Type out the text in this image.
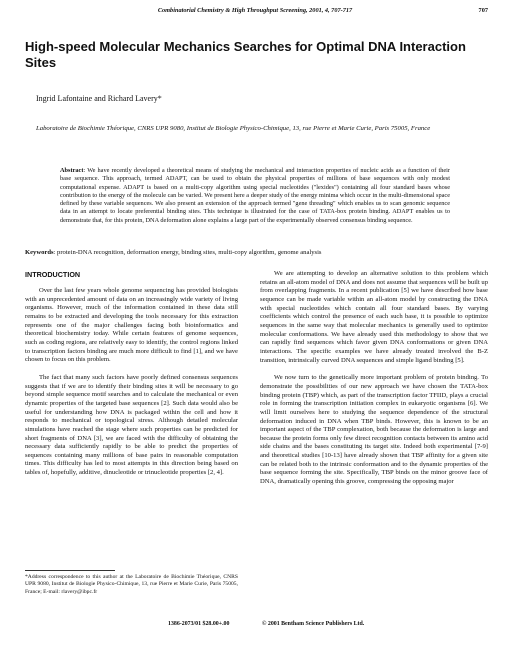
Combinatorial Chemistry & High Throughput Screening, 2001, 4, 707-717	707
High-speed Molecular Mechanics Searches for Optimal DNA Interaction Sites
Ingrid Lafontaine and Richard Lavery*
Laboratoire de Biochimie Théorique, CNRS UPR 9080, Institut de Biologie Physico-Chimique, 13, rue Pierre et Marie Curie, Paris 75005, France
Abstract: We have recently developed a theoretical means of studying the mechanical and interaction properties of nucleic acids as a function of their base sequence. This approach, termed ADAPT, can be used to obtain the physical properties of millions of base sequences with only modest computational expense. ADAPT is based on a multi-copy algorithm using special nucleotides ("lexides") containing all four standard bases whose contribution to the energy of the molecule can be varied. We present here a deeper study of the energy minima which occur in the multi-dimensional space defined by these variable sequences. We also present an extension of the approach termed "gene threading" which enables us to scan genomic sequence data in an attempt to locate preferential binding sites. This technique is illustrated for the case of TATA-box protein binding. ADAPT enables us to demonstrate that, for this protein, DNA deformation alone explains a large part of the experimentally observed consensus binding sequence.
Keywords: protein-DNA recognition, deformation energy, binding sites, multi-copy algorithm, genome analysis
INTRODUCTION

Over the last few years whole genome sequencing has provided biologists with an unprecedented amount of data on an increasingly wide variety of living organisms. However, much of the information contained in these data still remains to be extracted and developing the tools necessary for this extraction represents one of the major challenges facing both bioinformatics and theoretical biochemistry today. While certain features of genome sequences, such as coding regions, are relatively easy to identify, the control regions linked to transcription factors binding are much more difficult to find [1], and we have chosen to focus on this problem.

The fact that many such factors have poorly defined consensus sequences suggests that if we are to identify their binding sites it will be necessary to go beyond simple sequence motif searches and to calculate the mechanical or even dynamic properties of the targeted base sequences [2]. Such data would also be useful for understanding how DNA is packaged within the cell and how it responds to mechanical or topological stress. Although detailed molecular simulations have reached the stage where such properties can be predicted for short fragments of DNA [3], we are faced with the difficulty of obtaining the necessary data sufficiently rapidly to be able to predict the properties of sequences containing many millions of base pairs in reasonable computation times. This difficulty has led to most attempts in this direction being based on tables of, hopefully, additive, dinucleotide or trinucleotide properties [2, 4].

We are attempting to develop an alternative solution to this problem which retains an all-atom model of DNA and does not assume that sequences will be built up from overlapping fragments. In a recent publication [5] we have described how base sequence can be made variable within an all-atom model by constructing the DNA with special nucleotides which contain all four standard bases. By varying coefficients which control the presence of each such base, it is possible to optimize sequences in the same way that molecular mechanics is generally used to optimize molecular conformations. We have already used this methodology to show that we can rapidly find sequences which favor given DNA conformations or given DNA interactions. The specific examples we have already treated involved the B-Z transition, intrinsically curved DNA sequences and simple ligand binding [5].

We now turn to the genetically more important problem of protein binding. To demonstrate the possibilities of our new approach we have chosen the TATA-box binding protein (TBP) which, as part of the transcription factor TFIID, plays a crucial role in forming the transcription initiation complex in eukaryotic organisms [6]. We will limit ourselves here to studying the sequence dependence of the structural deformation induced in DNA when TBP binds. However, this is known to be an important aspect of the TBP complexation, both because the deformation is large and because the protein forms only few direct recognition contacts between its amino acid side chains and the bases constituting its target site. Indeed both experimental [7-9] and theoretical studies [10-13] have already shown that TBP affinity for a given site can be related both to the intrinsic conformation and to the dynamic properties of the base sequence forming the site. Specifically, TBP binds on the minor groove face of DNA, dramatically opening this groove, compressing the opposing major

*Address correspondence to this author at the Laboratoire de Biochimie Théorique, CNRS UPR 9080, Institut de Biologie Physico-Chimique, 13, rue Pierre et Marie Curie, Paris 75005, France; E-mail: rlavery@ibpc.fr
1386-2073/01 $28.00+.00	© 2001 Bentham Science Publishers Ltd.
